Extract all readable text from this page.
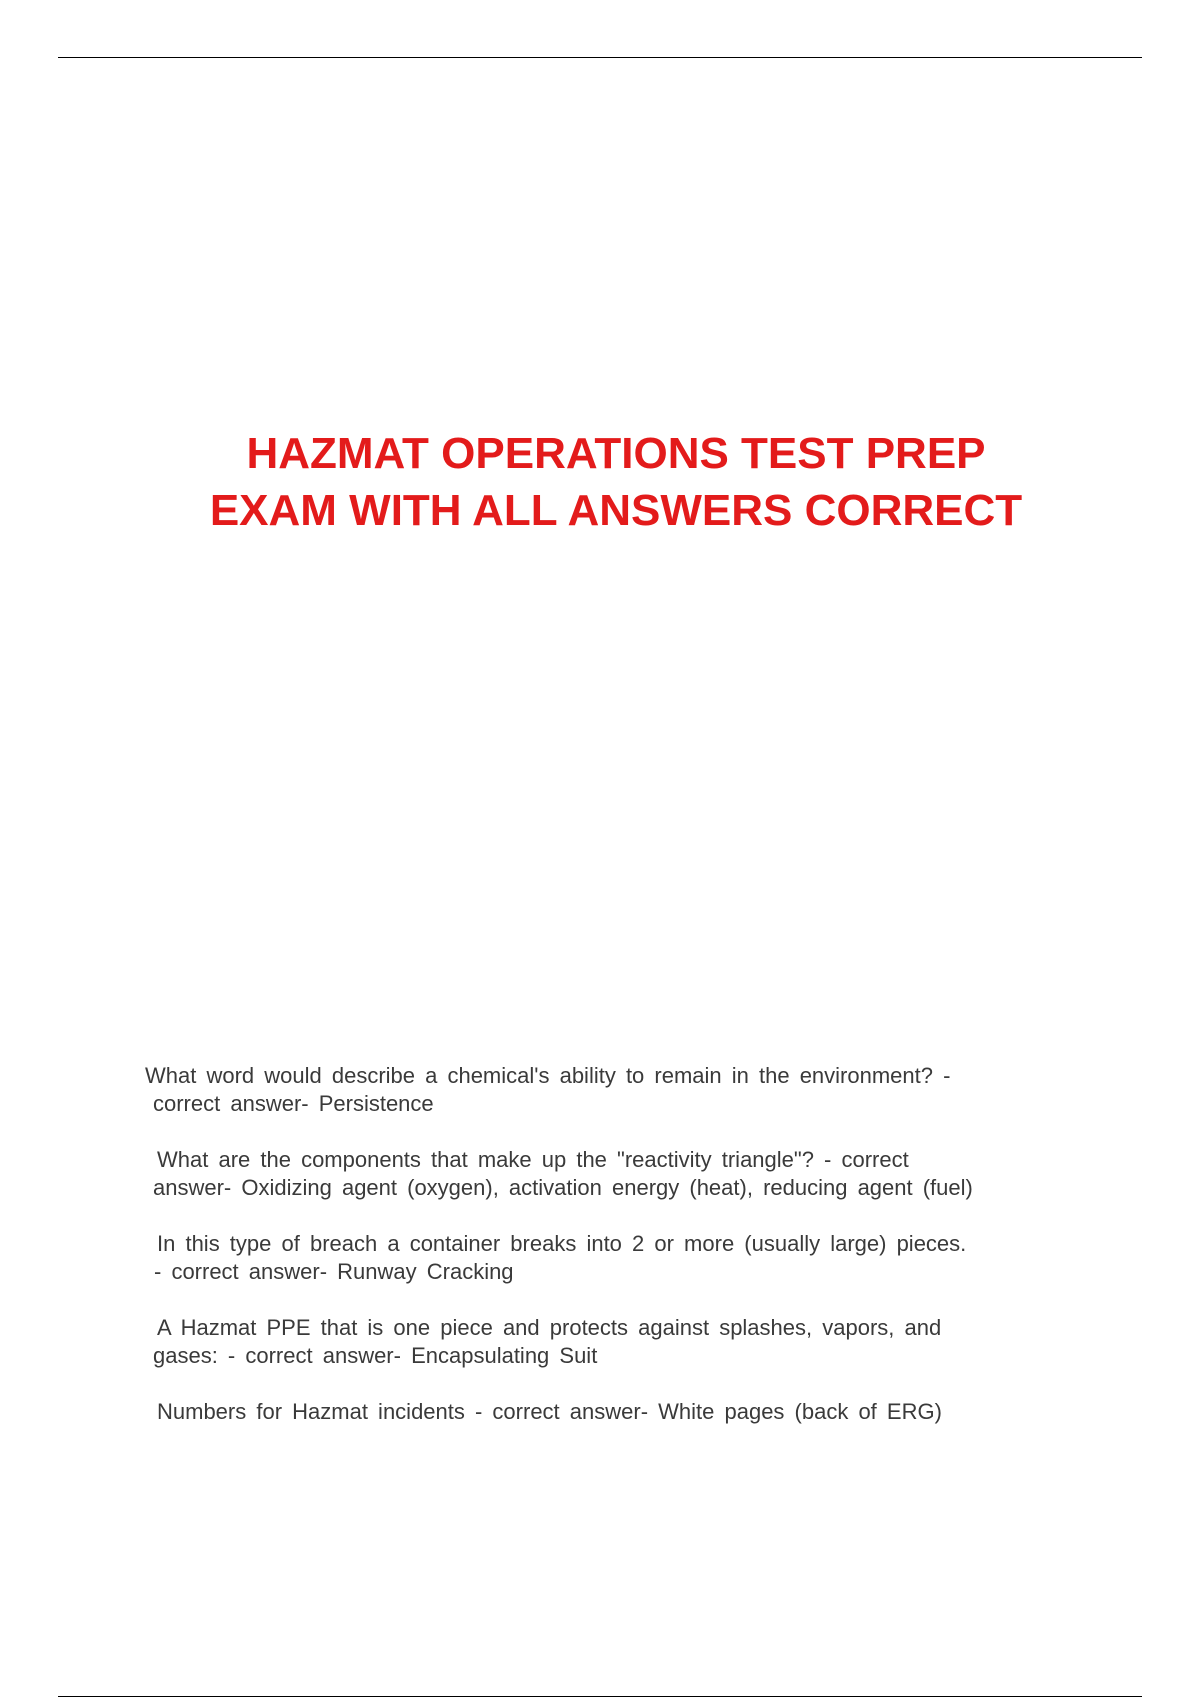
HAZMAT OPERATIONS TEST PREP
EXAM WITH ALL ANSWERS CORRECT
What word would describe a chemical's ability to remain in the environment? -
correct answer- Persistence
What are the components that make up the "reactivity triangle"? - correct
answer- Oxidizing agent (oxygen), activation energy (heat), reducing agent (fuel)
In this type of breach a container breaks into 2 or more (usually large) pieces.
- correct answer- Runway Cracking
A Hazmat PPE that is one piece and protects against splashes, vapors, and
gases: - correct answer- Encapsulating Suit
Numbers for Hazmat incidents - correct answer- White pages (back of ERG)
